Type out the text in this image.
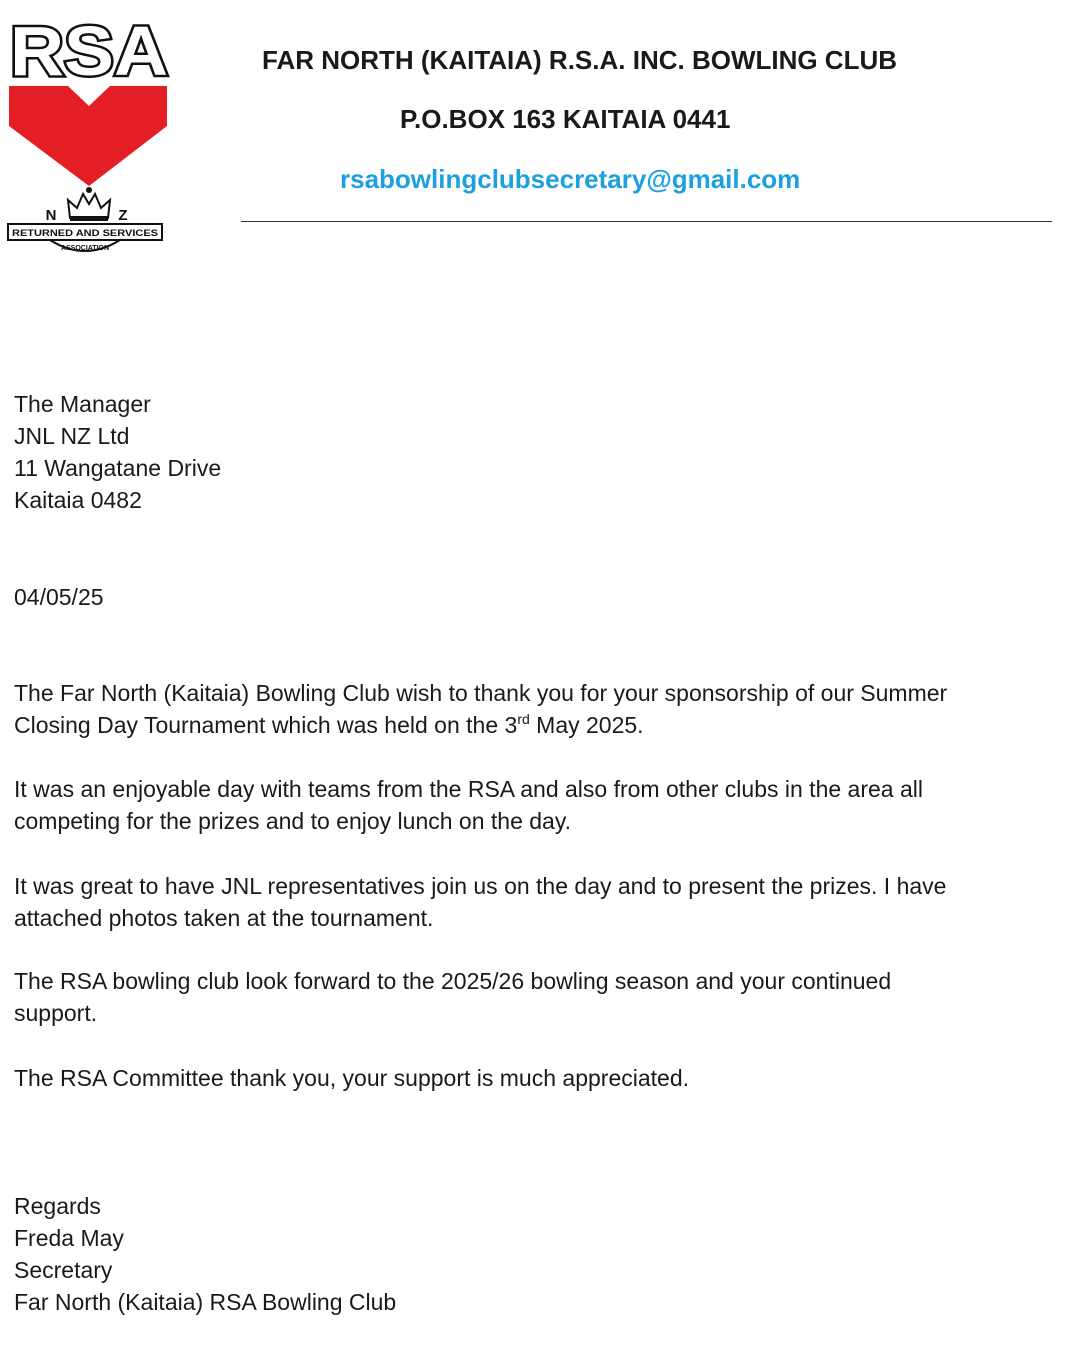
RSA
N	Z
RETURNED AND SERVICES
ASSOCIATION
FAR NORTH (KAITAIA) R.S.A. INC. BOWLING CLUB
P.O.BOX 163 KAITAIA 0441
rsabowlingclubsecretary@gmail.com
The Manager
JNL NZ Ltd
11 Wangatane Drive
Kaitaia 0482
04/05/25
The Far North (Kaitaia) Bowling Club wish to thank you for your sponsorship of our Summer
Closing Day Tournament which was held on the 3rd May 2025.
It was an enjoyable day with teams from the RSA and also from other clubs in the area all
competing for the prizes and to enjoy lunch on the day.
It was great to have JNL representatives join us on the day and to present the prizes. I have
attached photos taken at the tournament.
The RSA bowling club look forward to the 2025/26 bowling season and your continued
support.
The RSA Committee thank you, your support is much appreciated.
Regards
Freda May
Secretary
Far North (Kaitaia) RSA Bowling Club
